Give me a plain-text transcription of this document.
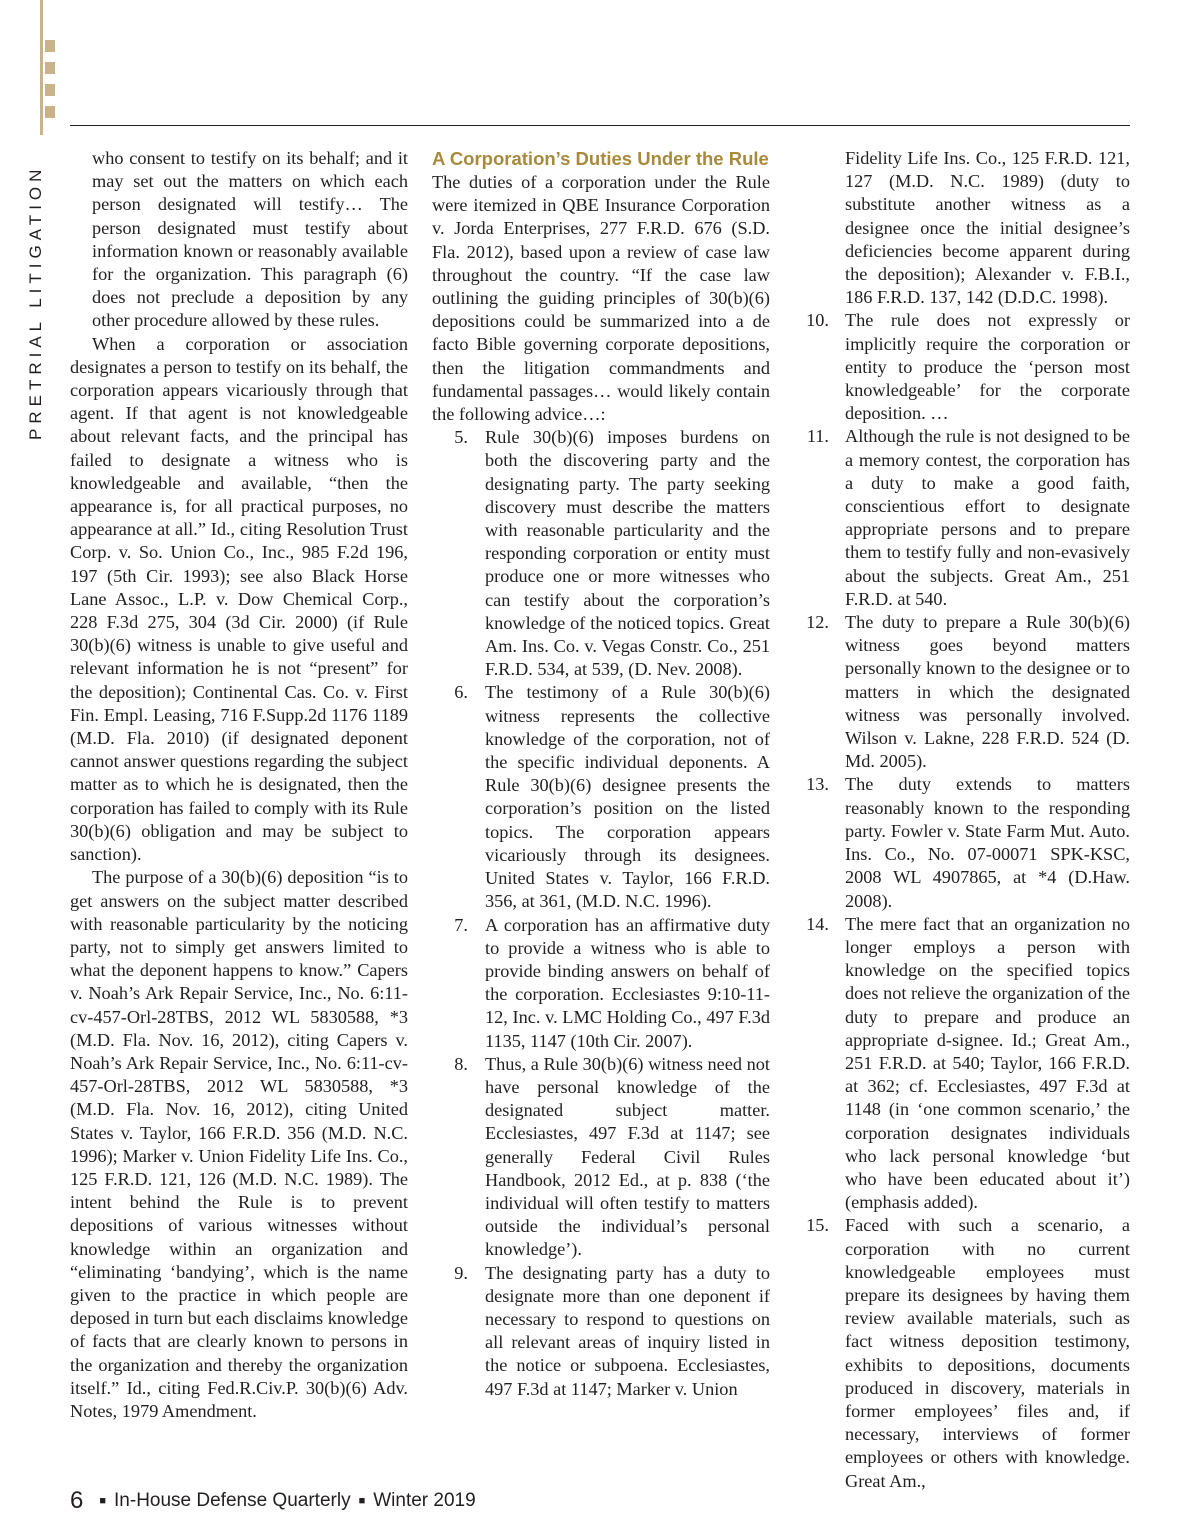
PRETRIAL LITIGATION

who consent to testify on its behalf; and it may set out the matters on which each person designated will testify… The person designated must testify about information known or reasonably available for the organization. This paragraph (6) does not preclude a deposition by any other procedure allowed by these rules.

When a corporation or association designates a person to testify on its behalf, the corporation appears vicariously through that agent. If that agent is not knowledgeable about relevant facts, and the principal has failed to designate a witness who is knowledgeable and available, “then the appearance is, for all practical purposes, no appearance at all.” Id., citing Resolution Trust Corp. v. So. Union Co., Inc., 985 F.2d 196, 197 (5th Cir. 1993); see also Black Horse Lane Assoc., L.P. v. Dow Chemical Corp., 228 F.3d 275, 304 (3d Cir. 2000) (if Rule 30(b)(6) witness is unable to give useful and relevant information he is not “present” for the deposition); Continental Cas. Co. v. First Fin. Empl. Leasing, 716 F.Supp.2d 1176 1189 (M.D. Fla. 2010) (if designated deponent cannot answer questions regarding the subject matter as to which he is designated, then the corporation has failed to comply with its Rule 30(b)(6) obligation and may be subject to sanction).

The purpose of a 30(b)(6) deposition “is to get answers on the subject matter described with reasonable particularity by the noticing party, not to simply get answers limited to what the deponent happens to know.” Capers v. Noah’s Ark Repair Service, Inc., No. 6:11-cv-457-Orl-28TBS, 2012 WL 5830588, *3 (M.D. Fla. Nov. 16, 2012), citing Capers v. Noah’s Ark Repair Service, Inc., No. 6:11-cv-457-Orl-28TBS, 2012 WL 5830588, *3 (M.D. Fla. Nov. 16, 2012), citing United States v. Taylor, 166 F.R.D. 356 (M.D. N.C. 1996); Marker v. Union Fidelity Life Ins. Co., 125 F.R.D. 121, 126 (M.D. N.C. 1989). The intent behind the Rule is to prevent depositions of various witnesses without knowledge within an organization and “eliminating ‘bandying’, which is the name given to the practice in which people are deposed in turn but each disclaims knowledge of facts that are clearly known to persons in the organization and thereby the organization itself.” Id., citing Fed.R.Civ.P. 30(b)(6) Adv. Notes, 1979 Amendment.

A Corporation’s Duties Under the Rule

The duties of a corporation under the Rule were itemized in QBE Insurance Corporation v. Jorda Enterprises, 277 F.R.D. 676 (S.D. Fla. 2012), based upon a review of case law throughout the country. “If the case law outlining the guiding principles of 30(b)(6) depositions could be summarized into a de facto Bible governing corporate depositions, then the litigation commandments and fundamental passages… would likely contain the following advice…:

5. Rule 30(b)(6) imposes burdens on both the discovering party and the designating party. The party seeking discovery must describe the matters with reasonable particularity and the responding corporation or entity must produce one or more witnesses who can testify about the corporation’s knowledge of the noticed topics. Great Am. Ins. Co. v. Vegas Constr. Co., 251 F.R.D. 534, at 539, (D. Nev. 2008).
6. The testimony of a Rule 30(b)(6) witness represents the collective knowledge of the corporation, not of the specific individual deponents. A Rule 30(b)(6) designee presents the corporation’s position on the listed topics. The corporation appears vicariously through its designees. United States v. Taylor, 166 F.R.D. 356, at 361, (M.D. N.C. 1996).
7. A corporation has an affirmative duty to provide a witness who is able to provide binding answers on behalf of the corporation. Ecclesiastes 9:10-11-12, Inc. v. LMC Holding Co., 497 F.3d 1135, 1147 (10th Cir. 2007).
8. Thus, a Rule 30(b)(6) witness need not have personal knowledge of the designated subject matter. Ecclesiastes, 497 F.3d at 1147; see generally Federal Civil Rules Handbook, 2012 Ed., at p. 838 (‘the individual will often testify to matters outside the individual’s personal knowledge’).
9. The designating party has a duty to designate more than one deponent if necessary to respond to questions on all relevant areas of inquiry listed in the notice or subpoena. Ecclesiastes, 497 F.3d at 1147; Marker v. Union

Fidelity Life Ins. Co., 125 F.R.D. 121, 127 (M.D. N.C. 1989) (duty to substitute another witness as a designee once the initial designee’s deficiencies become apparent during the deposition); Alexander v. F.B.I., 186 F.R.D. 137, 142 (D.D.C. 1998).

10. The rule does not expressly or implicitly require the corporation or entity to produce the ‘person most knowledgeable’ for the corporate deposition. …
11. Although the rule is not designed to be a memory contest, the corporation has a duty to make a good faith, conscientious effort to designate appropriate persons and to prepare them to testify fully and non-evasively about the subjects. Great Am., 251 F.R.D. at 540.
12. The duty to prepare a Rule 30(b)(6) witness goes beyond matters personally known to the designee or to matters in which the designated witness was personally involved. Wilson v. Lakne, 228 F.R.D. 524 (D. Md. 2005).
13. The duty extends to matters reasonably known to the responding party. Fowler v. State Farm Mut. Auto. Ins. Co., No. 07-00071 SPK-KSC, 2008 WL 4907865, at *4 (D.Haw. 2008).
14. The mere fact that an organization no longer employs a person with knowledge on the specified topics does not relieve the organization of the duty to prepare and produce an appropriate d-signee. Id.; Great Am., 251 F.R.D. at 540; Taylor, 166 F.R.D. at 362; cf. Ecclesiastes, 497 F.3d at 1148 (in ‘one common scenario,’ the corporation designates individuals who lack personal knowledge ‘but who have been educated about it’) (emphasis added).
15. Faced with such a scenario, a corporation with no current knowledgeable employees must prepare its designees by having them review available materials, such as fact witness deposition testimony, exhibits to depositions, documents produced in discovery, materials in former employees’ files and, if necessary, interviews of former employees or others with knowledge. Great Am.,
6 ■ In-House Defense Quarterly ■ Winter 2019
